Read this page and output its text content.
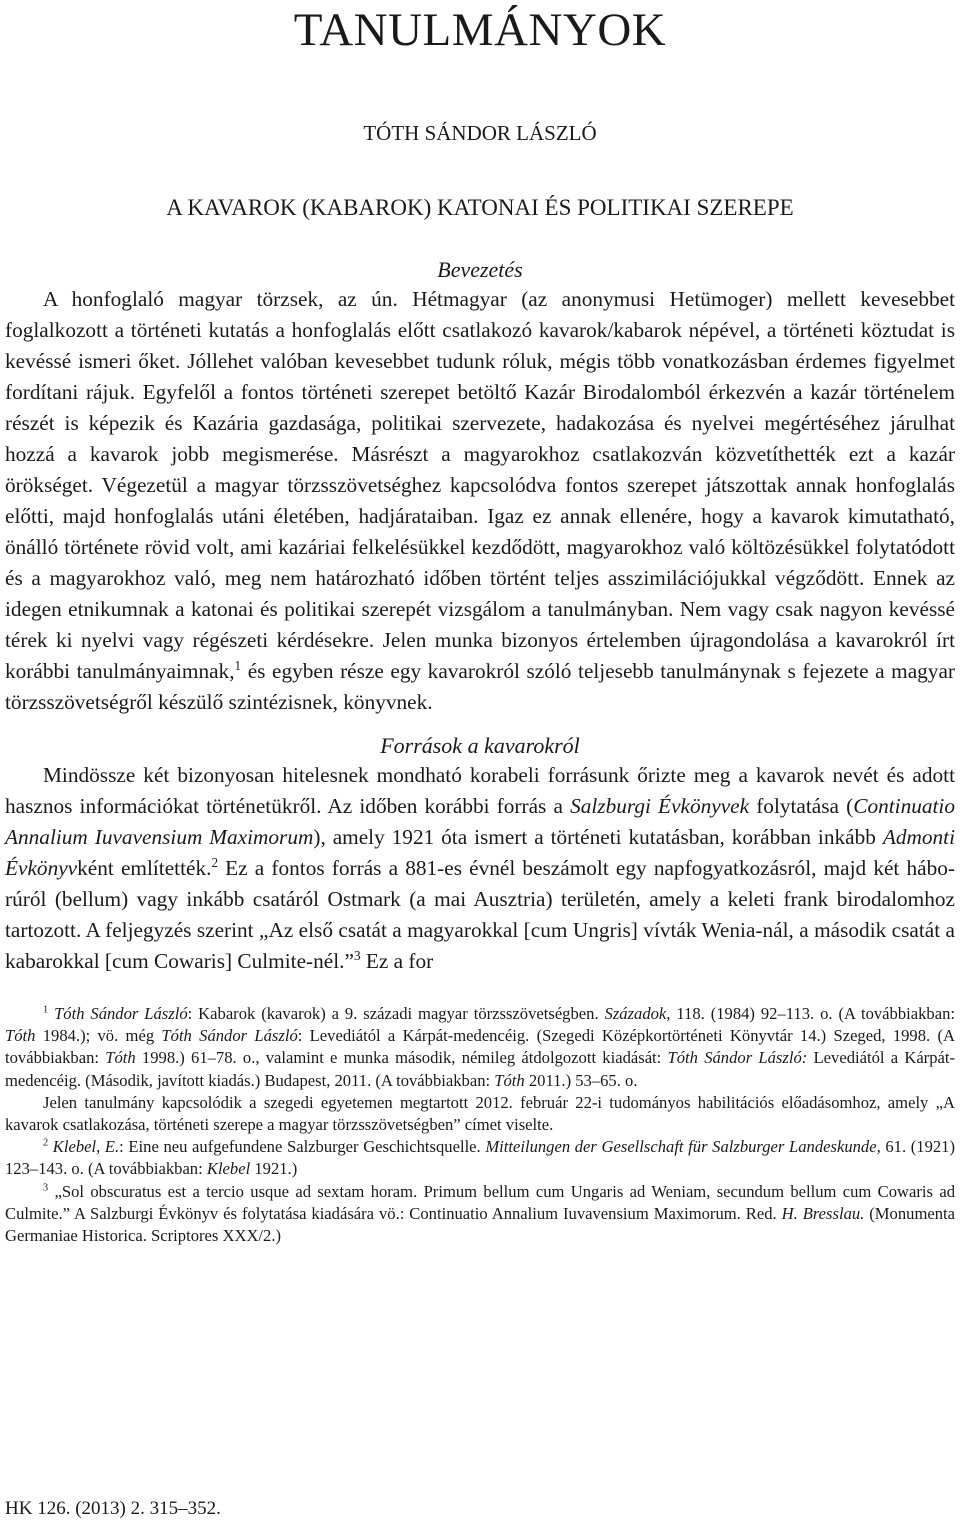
TANULMÁNYOK
TÓTH SÁNDOR LÁSZLÓ
A KAVAROK (KABAROK) KATONAI ÉS POLITIKAI SZEREPE
Bevezetés

A honfoglaló magyar törzsek, az ún. Hétmagyar (az anonymusi Hetümoger) mellett kevesebbet foglalkozott a történeti kutatás a honfoglalás előtt csatlakozó kavarok/kabarok népével, a történeti köztudat is kevéssé ismeri őket. Jóllehet valóban kevesebbet tudunk róluk, mégis több vonatkozásban érdemes figyelmet fordítani rájuk. Egyfelől a fontos történeti szerepet betöltő Kazár Birodalomból érkezvén a kazár történelem részét is képezik és Kazária gazdasága, politikai szervezete, hadakozása és nyelvei megértéséhez járulhat hozzá a kavarok jobb megismerése. Másrészt a magyarokhoz csatlakozván közvetíthették ezt a kazár örökséget. Végezetül a magyar törzsszövetséghez kapcsolódva fontos szerepet játszottak annak honfoglalás előtti, majd honfoglalás utáni életében, hadjárataiban. Igaz ez annak ellenére, hogy a kavarok kimutatható, önálló története rövid volt, ami kazáriai felkelésükkel kezdődött, magyarokhoz való költözésükkel folytatódott és a magyarokhoz való, meg nem határozható időben történt teljes asszimilációjukkal végződött. Ennek az idegen etnikumnak a katonai és politikai szerepét vizsgálom a tanulmányban. Nem vagy csak nagyon kevéssé térek ki nyelvi vagy régészeti kérdésekre. Jelen munka bizonyos értelemben újragondolása a kavarokról írt korábbi tanulmányaimnak,$^1$ és egyben része egy kavarokról szóló teljesebb tanulmánynak s fejezete a magyar törzsszövetségről készülő szintézisnek, könyvnek.

Források a kavarokról

Mindössze két bizonyosan hitelesnek mondható korabeli forrásunk őrizte meg a kavarok nevét és adott hasznos információkat történetükről. Az időben korábbi forrás a Salzburgi Évkönyvek folytatása (Continuatio Annalium Iuvavensium Maximorum), amely 1921 óta ismert a történeti kutatásban, korábban inkább Admonti Évkönyvként említették.$^2$ Ez a fontos forrás a 881-es évnél beszámolt egy napfogyatkozásról, majd két háborúról (bellum) vagy inkább csatáról Ostmark (a mai Ausztria) területén, amely a keleti frank birodalomhoz tartozott. A feljegyzés szerint „Az első csatát a magyarokkal [cum Ungris] vívták Wenia-nál, a második csatát a kabarokkal [cum Cowaris] Culmite-nél.”$^3$ Ez a for

$^1$ Tóth Sándor László: Kabarok (kavarok) a 9. századi magyar törzsszövetségben. Századok, 118. (1984) 92–113. o. (A továbbiakban: Tóth 1984.); vö. még Tóth Sándor László: Levediától a Kárpát-medencéig. (Szegedi Középkortörténeti Könyvtár 14.) Szeged, 1998. (A továbbiakban: Tóth 1998.) 61–78. o., valamint e munka második, némileg átdolgozott kiadását: Tóth Sándor László: Levediától a Kárpát-medencéig. (Második, javított kiadás.) Budapest, 2011. (A továbbiakban: Tóth 2011.) 53–65. o.

Jelen tanulmány kapcsolódik a szegedi egyetemen megtartott 2012. február 22-i tudományos habilitációs előadásomhoz, amely „A kavarok csatlakozása, történeti szerepe a magyar törzsszövetségben” címet viselte.

$^2$ Klebel, E.: Eine neu aufgefundene Salzburger Geschichtsquelle. Mitteilungen der Gesellschaft für Salzburger Landeskunde, 61. (1921) 123–143. o. (A továbbiakban: Klebel 1921.)

$^3$ „Sol obscuratus est a tercio usque ad sextam horam. Primum bellum cum Ungaris ad Weniam, secundum bellum cum Cowaris ad Culmite.” A Salzburgi Évkönyv és folytatása kiadására vö.: Continuatio Annalium Iuvavensium Maximorum. Red. H. Bresslau. (Monumenta Germaniae Historica. Scriptores XXX/2.)

HK 126. (2013) 2. 315–352.
